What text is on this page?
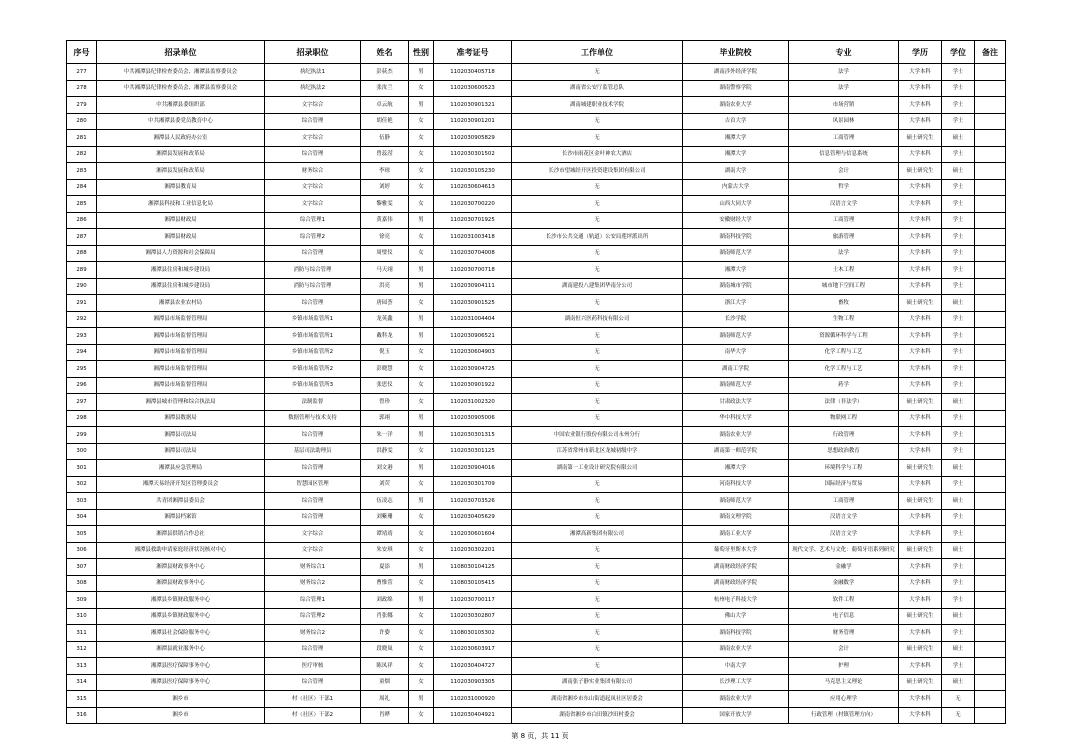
序号	招录单位	招录职位	姓名	性别	准考证号	工作单位	毕业院校	专业	学历	学位	备注
277	中共湘潭县纪律检查委员会、湘潭县监察委员会	执纪执法1	彭荻杰	男	1102030405718	无	湖南涉外经济学院	法学	大学本科	学士	
278	中共湘潭县纪律检查委员会、湘潭县监察委员会	执纪执法2	张汝兰	女	1102030600523	湖南省公安厅监管总队	湖南警察学院	法学	大学本科	学士	
279	中共湘潭县委组织部	文字综合	卓云航	男	1102030901321	湖南城建职业技术学院	湖南农业大学	市场营销	大学本科	学士	
280	中共湘潭县委党员教育中心	综合管理	胡佳艳	女	1102030901201	无	吉首大学	风景园林	大学本科	学士	
281	湘潭县人民政府办公室	文字综合	伍静	女	1102030905829	无	湘潭大学	工商管理	硕士研究生	硕士	
282	湘潭县发展和改革局	综合管理	曾蕊滢	女	1102030301502	长沙市雨花区金叶神农大酒店	湘潭大学	信息管理与信息系统	大学本科	学士	
283	湘潭县发展和改革局	财务综合	李琼	女	1102030105230	长沙市望城经开区投资建设集团有限公司	湖南大学	会计	硕士研究生	硕士	
284	湘潭县教育局	文字综合	刘婷	女	1102030604613	无	内蒙古大学	哲学	大学本科	学士	
285	湘潭县科技和工业信息化局	文字综合	黎雅雯	女	1102030700220	无	山西大同大学	汉语言文学	大学本科	学士	
286	湘潭县财政局	综合管理1	黄嘉伟	男	1102030701925	无	安徽财经大学	工商管理	大学本科	学士	
287	湘潭县财政局	综合管理2	徐亮	女	1102031003418	长沙市公共交通（轨道）公安局莲坪派出所	湖南科技学院	旅游管理	大学本科	学士	
288	湘潭县人力资源和社会保障局	综合管理	周璧仪	女	1102030704008	无	湖南师范大学	法学	大学本科	学士	
289	湘潭县住房和城乡建设局	消防与综合管理	马天翊	男	1102030700718	无	湘潭大学	土木工程	大学本科	学士	
290	湘潭县住房和城乡建设局	消防与综合管理	洪亮	男	1102030904111	湖南建投八建集团华南分公司	湖南城市学院	城市地下空间工程	大学本科	学士	
291	湘潭县农业农村局	综合管理	唐园荟	女	1102030901525	无	浙江大学	畜牧	硕士研究生	硕士	
292	湘潭县市场监督管理局	乡镇市场监管所1	龙英鑫	男	1102031004404	湖南恒兴医药科技有限公司	长沙学院	生物工程	大学本科	学士	
293	湘潭县市场监督管理局	乡镇市场监管所1	戴科龙	男	1102030906521	无	湖南师范大学	资源循环科学与工程	大学本科	学士	
294	湘潭县市场监督管理局	乡镇市场监管所2	倪玉	女	1102030604903	无	南华大学	化学工程与工艺	大学本科	学士	
295	湘潭县市场监督管理局	乡镇市场监管所2	彭晓慧	女	1102030904725	无	湖南工学院	化学工程与工艺	大学本科	学士	
296	湘潭县市场监督管理局	乡镇市场监管所3	张思仪	女	1102030901922	无	湖南师范大学	药学	大学本科	学士	
297	湘潭县城市管理和综合执法局	法制监督	曾珍	女	1102031002320	无	甘肃政法大学	法律（非法学）	硕士研究生	硕士	
298	湘潭县数据局	数据管理与技术支持	郭翊	男	1102030905006	无	华中科技大学	物联网工程	大学本科	学士	
299	湘潭县司法局	综合管理	朱一洋	男	1102030301315	中国农业银行股份有限公司永州分行	湖南农业大学	行政管理	大学本科	学士	
300	湘潭县司法局	基层司法助理员	洪静雯	女	1102030301125	江苏省常州市新北区龙城初级中学	湖南第一师范学院	思想政治教育	大学本科	学士	
301	湘潭县应急管理局	综合管理	刘文港	男	1102030904016	湖南第一工业设计研究院有限公司	湘潭大学	环境科学与工程	硕士研究生	硕士	
302	湘潭天易经济开发区管理委员会	智慧园区管理	刘荧	女	1102030301709	无	河南科技大学	国际经济与贸易	大学本科	学士	
303	共青团湘潭县委员会	综合管理	伍凌志	男	1102030703526	无	湖南师范大学	工商管理	硕士研究生	硕士	
304	湘潭县档案馆	综合管理	刘紫珊	女	1102030405629	无	湖南文理学院	汉语言文学	大学本科	学士	
305	湘潭县供销合作总社	文字综合	谭靖靖	女	1102030601604	湘潭高新集团有限公司	湖南工业大学	汉语言文学	大学本科	学士	
306	湘潭县救助申请家庭经济状况核对中心	文字综合	朱安琪	女	1102030302201	无	葡萄牙里斯本大学	现代文学、艺术与文化：葡萄牙语系列研究	硕士研究生	硕士	
307	湘潭县财政事务中心	财务综合1	夏添	男	1108030104125	无	湖南财政经济学院	金融学	大学本科	学士	
308	湘潭县财政事务中心	财务综合2	曹惟萱	女	1108030105415	无	湖南财政经济学院	金融数学	大学本科	学士	
309	湘潭县乡镇财政服务中心	综合管理1	刘政绵	男	1102030700117	无	杭州电子科技大学	软件工程	大学本科	学士	
310	湘潭县乡镇财政服务中心	综合管理2	肖张娜	女	1102030302807	无	佛山大学	电子信息	硕士研究生	硕士	
311	湘潭县社会保险服务中心	财务综合2	许姿	女	1108030105302	无	湖南科技学院	财务管理	大学本科	学士	
312	湘潭县就业服务中心	综合管理	段晓岚	女	1102030603917	无	湖南农业大学	会计	硕士研究生	硕士	
313	湘潭县医疗保障事务中心	医疗审核	陈凤祥	女	1102030404727	无	中南大学	护理	大学本科	学士	
314	湘潭县医疗保障事务中心	综合管理	童烟	女	1102030903305	湖南张子静实业集团有限公司	长沙理工大学	马克思主义理论	硕士研究生	硕士	
315	湘乡市	村（社区）干部1	周礼	男	1102031000920	湖南省湘乡市东山街道起凤社区居委会	湖南农业大学	应用心理学	大学本科	无	
316	湘乡市	村（社区）干部2	肖晔	女	1102030404921	湖南省湘乡市白田镇沙田村委会	国家开放大学	行政管理（村镇管理方向）	大学本科	无	
第 8 页，共 11 页
